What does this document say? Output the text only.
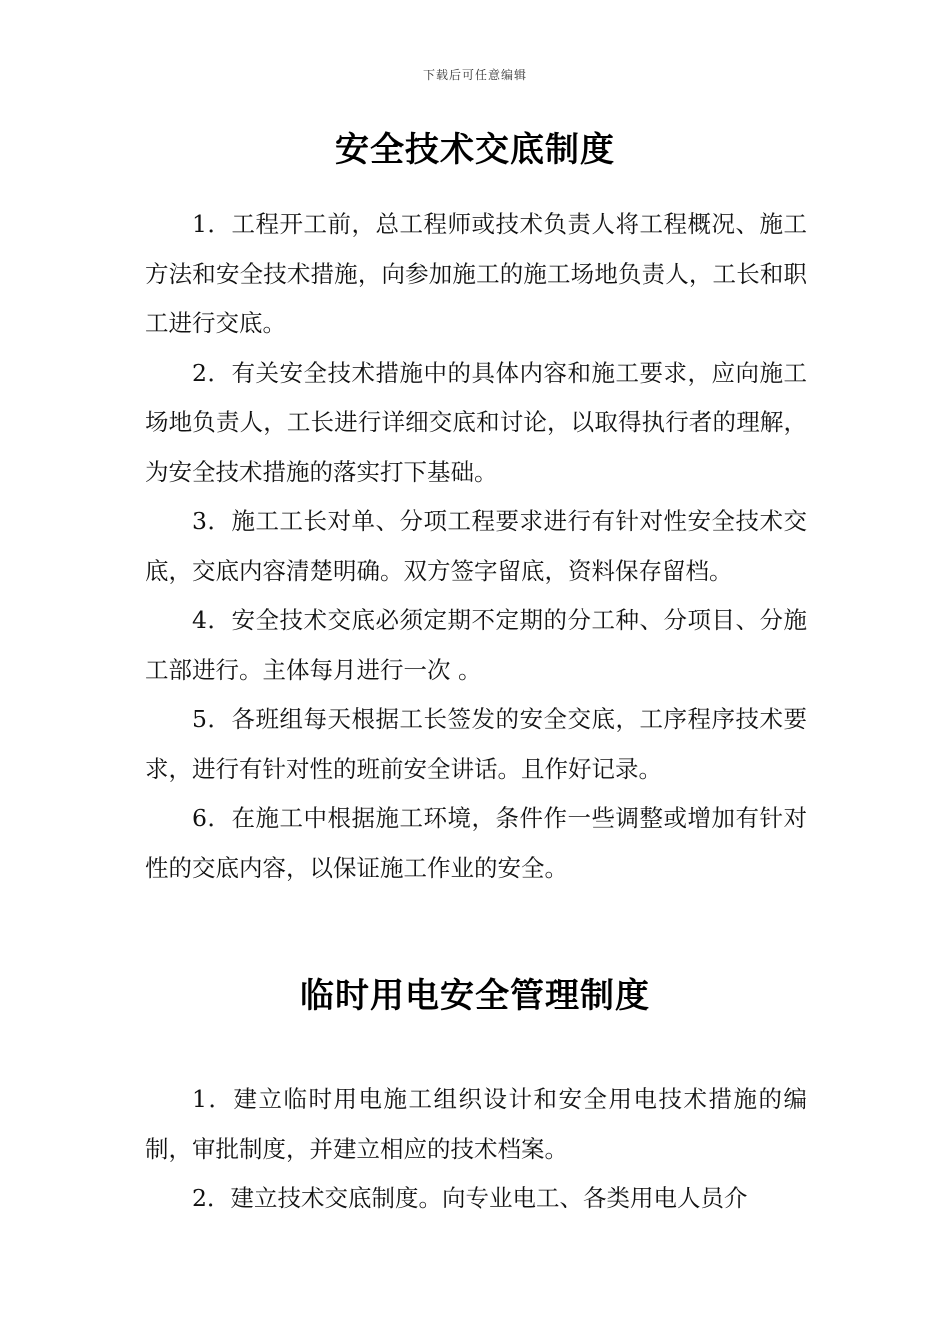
下载后可任意编辑
安全技术交底制度

1．工程开工前，总工程师或技术负责人将工程概况、施工方法和安全技术措施，向参加施工的施工场地负责人，工长和职工进行交底。

2．有关安全技术措施中的具体内容和施工要求，应向施工场地负责人，工长进行详细交底和讨论，以取得执行者的理解，为安全技术措施的落实打下基础。

3．施工工长对单、分项工程要求进行有针对性安全技术交底，交底内容清楚明确。双方签字留底，资料保存留档。

4．安全技术交底必须定期不定期的分工种、分项目、分施工部进行。主体每月进行一次 。

5．各班组每天根据工长签发的安全交底，工序程序技术要求，进行有针对性的班前安全讲话。且作好记录。

6．在施工中根据施工环境，条件作一些调整或增加有针对性的交底内容，以保证施工作业的安全。

临时用电安全管理制度

1．建立临时用电施工组织设计和安全用电技术措施的编制，审批制度，并建立相应的技术档案。

2．建立技术交底制度。向专业电工、各类用电人员介
